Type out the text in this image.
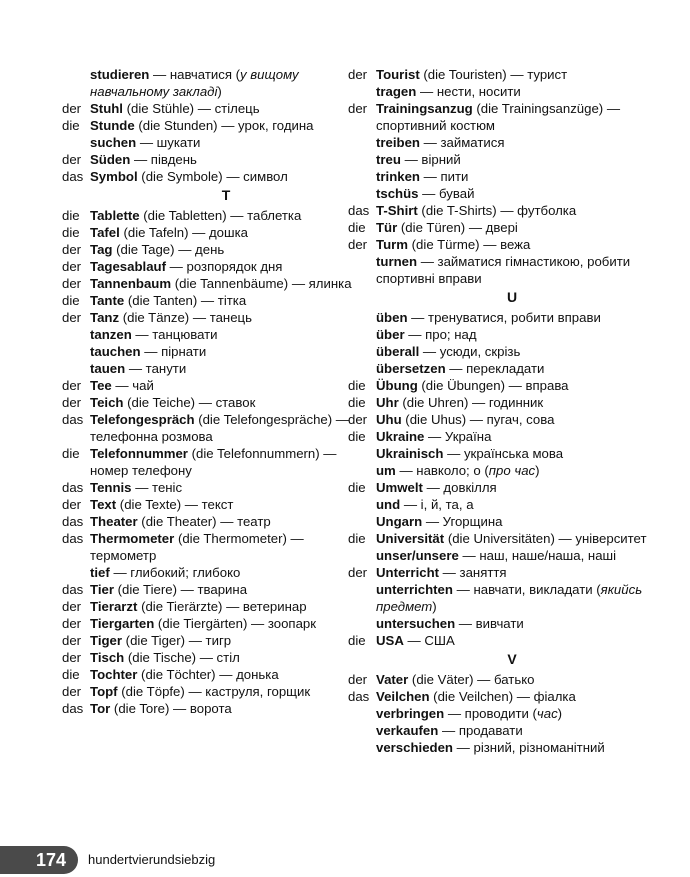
studieren — навчатися (у вищому навчальному закладі)
der Stuhl (die Stühle) — стілець
die Stunde (die Stunden) — урок, година
suchen — шукати
der Süden — південь
das Symbol (die Symbole) — символ
T
die Tablette (die Tabletten) — таблетка
die Tafel (die Tafeln) — дошка
der Tag (die Tage) — день
der Tagesablauf — розпорядок дня
der Tannenbaum (die Tannenbäume) — ялинка
die Tante (die Tanten) — тітка
der Tanz (die Tänze) — танець
tanzen — танцювати
tauchen — пірнати
tauen — танути
der Tee — чай
der Teich (die Teiche) — ставок
das Telefongespräch (die Telefongespräche) — телефонна розмова
die Telefonnummer (die Telefonnummern) — номер телефону
das Tennis — теніс
der Text (die Texte) — текст
das Theater (die Theater) — театр
das Thermometer (die Thermometer) — термометр
tief — глибокий; глибоко
das Tier (die Tiere) — тварина
der Tierarzt (die Tierärzte) — ветеринар
der Tiergarten (die Tiergärten) — зоопарк
der Tiger (die Tiger) — тигр
der Tisch (die Tische) — стіл
die Tochter (die Töchter) — донька
der Topf (die Töpfe) — каструля, горщик
das Tor (die Tore) — ворота
der Tourist (die Touristen) — турист
tragen — нести, носити
der Trainingsanzug (die Trainingsanzüge) — спортивний костюм
treiben — займатися
treu — вірний
trinken — пити
tschüs — бувай
das T-Shirt (die T-Shirts) — футболка
die Tür (die Türen) — двері
der Turm (die Türme) — вежа
turnen — займатися гімнастикою, робити спортивні вправи
U
üben — тренуватися, робити вправи
über — про; над
überall — усюди, скрізь
übersetzen — перекладати
die Übung (die Übungen) — вправа
die Uhr (die Uhren) — годинник
der Uhu (die Uhus) — пугач, сова
die Ukraine — Україна
Ukrainisch — українська мова
um — навколо; о (про час)
die Umwelt — довкілля
und — і, й, та, а
Ungarn — Угорщина
die Universität (die Universitäten) — університет
unser/unsere — наш, наше/наша, наші
der Unterricht — заняття
unterrichten — навчати, викладати (якийсь предмет)
untersuchen — вивчати
die USA — США
V
der Vater (die Väter) — батько
das Veilchen (die Veilchen) — фіалка
verbringen — проводити (час)
verkaufen — продавати
verschieden — різний, різноманітний
174	hundertvierundsiebzig
